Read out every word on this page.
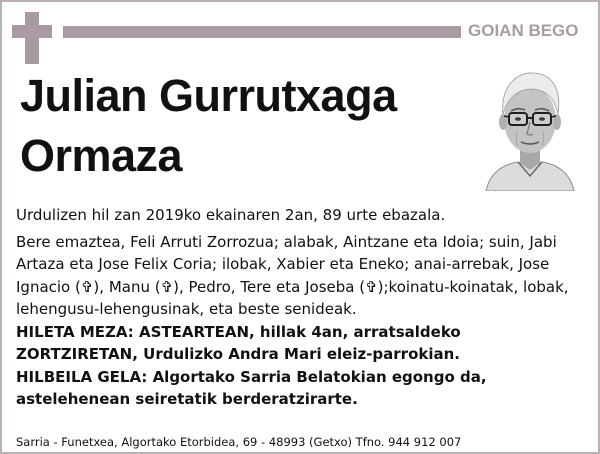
GOIAN BEGO
Julian Gurrutxaga
Ormaza

Urdulizen hil zan 2019ko ekainaren 2an, 89 urte ebazala.

Bere emaztea, Feli Arruti Zorrozua; alabak, Aintzane eta Idoia; suin, Jabi Artaza eta Jose Felix Coria; ilobak, Xabier eta Eneko; anai-arrebak, Jose Ignacio (✞), Manu (✞), Pedro, Tere eta Joseba (✞);koinatu-koinatak, lobak, lehengusu-lehengusinak, eta beste senideak.

HILETA MEZA: ASTEARTEAN, hillak 4an, arratsaldeko ZORTZIRETAN, Urdulizko Andra Mari eleiz-parrokian.

HILBEILA GELA: Algortako Sarria Belatokian egongo da, astelehenean seiretatik berderatzirarte.

Sarria - Funetxea, Algortako Etorbidea, 69 - 48993 (Getxo) Tfno. 944 912 007
